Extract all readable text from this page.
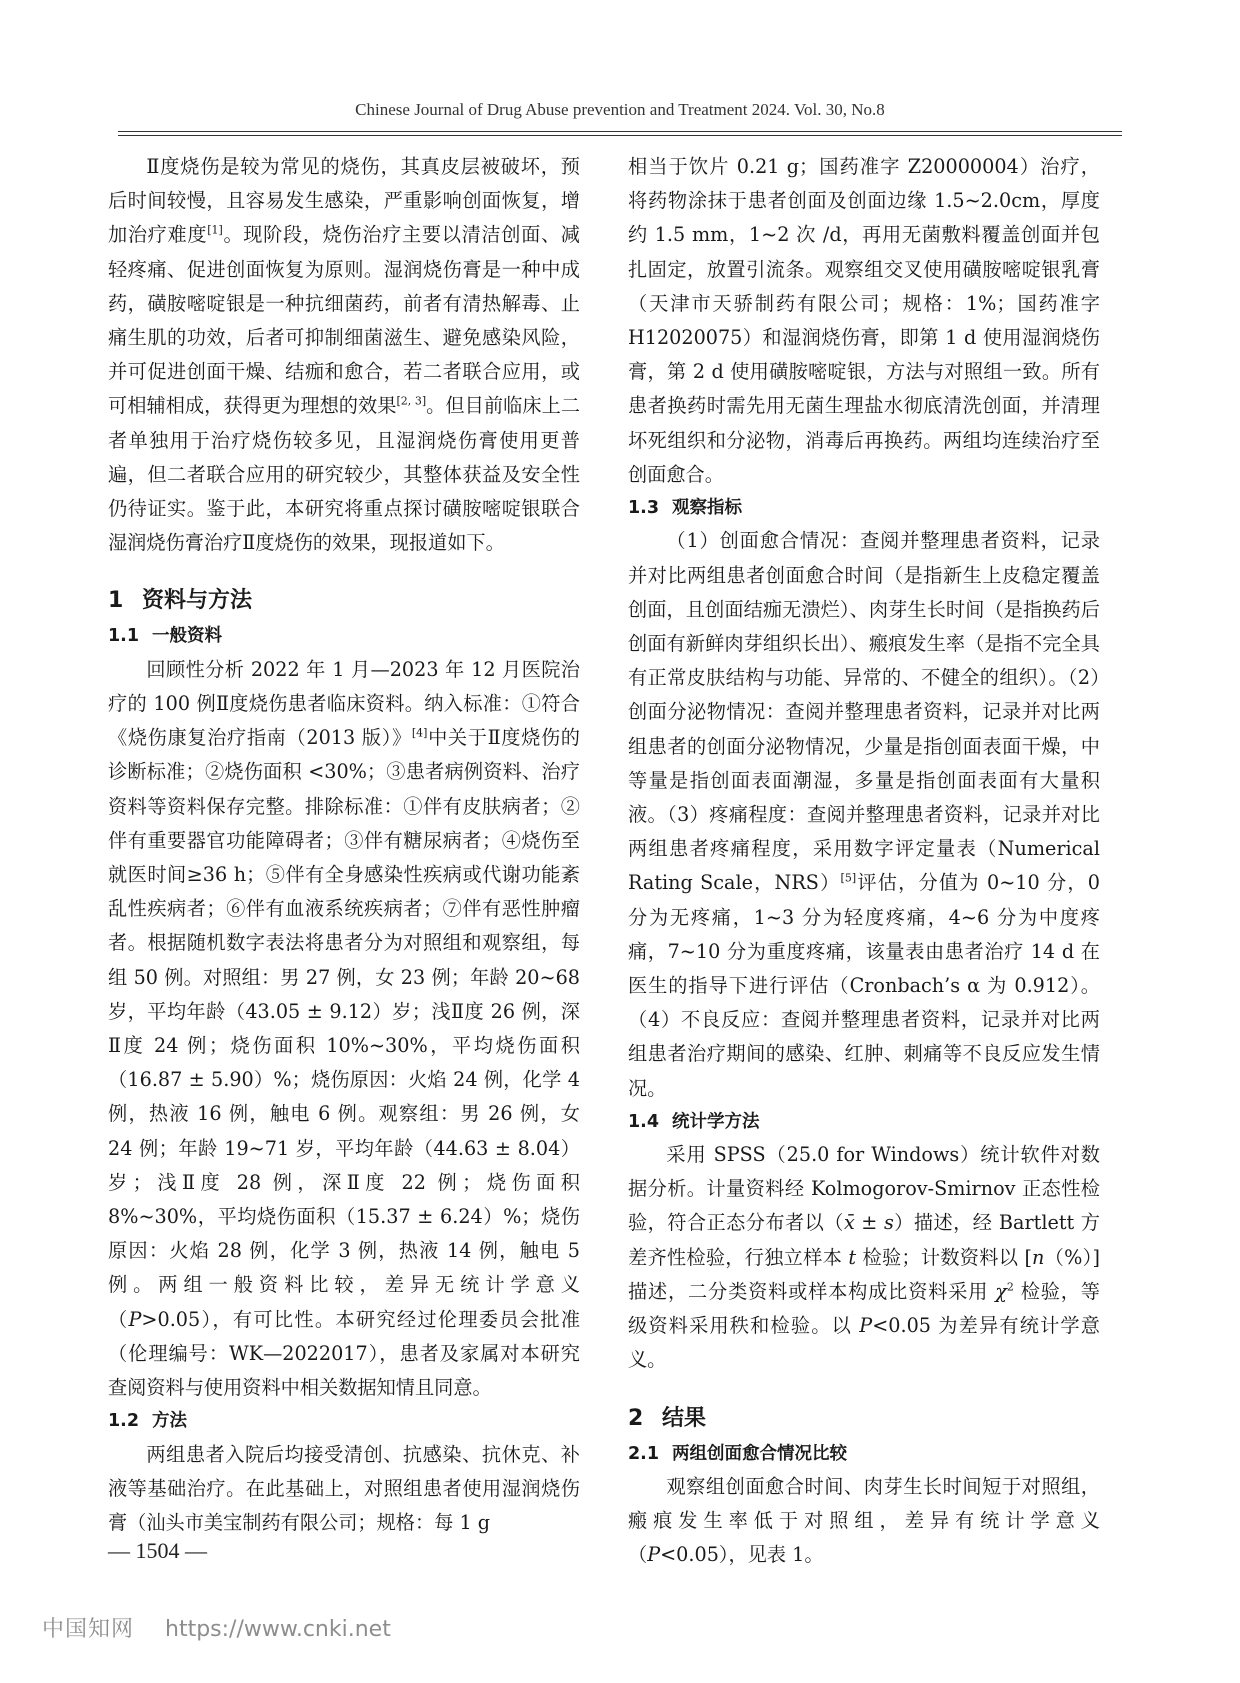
Chinese Journal of Drug Abuse prevention and Treatment 2024. Vol. 30, No.8

Ⅱ度烧伤是较为常见的烧伤，其真皮层被破坏，预后时间较慢，且容易发生感染，严重影响创面恢复，增加治疗难度[1]。现阶段，烧伤治疗主要以清洁创面、减轻疼痛、促进创面恢复为原则。湿润烧伤膏是一种中成药，磺胺嘧啶银是一种抗细菌药，前者有清热解毒、止痛生肌的功效，后者可抑制细菌滋生、避免感染风险，并可促进创面干燥、结痂和愈合，若二者联合应用，或可相辅相成，获得更为理想的效果[2, 3]。但目前临床上二者单独用于治疗烧伤较多见，且湿润烧伤膏使用更普遍，但二者联合应用的研究较少，其整体获益及安全性仍待证实。鉴于此，本研究将重点探讨磺胺嘧啶银联合湿润烧伤膏治疗Ⅱ度烧伤的效果，现报道如下。

1 资料与方法
1.1 一般资料

回顾性分析 2022 年 1 月—2023 年 12 月医院治疗的 100 例Ⅱ度烧伤患者临床资料。纳入标准：①符合《烧伤康复治疗指南（2013 版）》[4]中关于Ⅱ度烧伤的诊断标准；②烧伤面积 <30%；③患者病例资料、治疗资料等资料保存完整。排除标准：①伴有皮肤病者；②伴有重要器官功能障碍者；③伴有糖尿病者；④烧伤至就医时间≥36 h；⑤伴有全身感染性疾病或代谢功能紊乱性疾病者；⑥伴有血液系统疾病者；⑦伴有恶性肿瘤者。根据随机数字表法将患者分为对照组和观察组，每组 50 例。对照组：男 27 例，女 23 例；年龄 20~68 岁，平均年龄（43.05 ± 9.12）岁；浅Ⅱ度 26 例，深Ⅱ度 24 例；烧伤面积 10%~30%，平均烧伤面积（16.87 ± 5.90）%；烧伤原因：火焰 24 例，化学 4 例，热液 16 例，触电 6 例。观察组：男 26 例，女 24 例；年龄 19~71 岁，平均年龄（44.63 ± 8.04）岁；浅Ⅱ度 28 例，深Ⅱ度 22 例；烧伤面积 8%~30%，平均烧伤面积（15.37 ± 6.24）%；烧伤原因：火焰 28 例，化学 3 例，热液 14 例，触电 5 例。两组一般资料比较，差异无统计学意义（P>0.05），有可比性。本研究经过伦理委员会批准（伦理编号：WK—2022017），患者及家属对本研究查阅资料与使用资料中相关数据知情且同意。

1.2 方法

两组患者入院后均接受清创、抗感染、抗休克、补液等基础治疗。在此基础上，对照组患者使用湿润烧伤膏（汕头市美宝制药有限公司；规格：每 1 g

相当于饮片 0.21 g；国药准字 Z20000004）治疗，将药物涂抹于患者创面及创面边缘 1.5~2.0cm，厚度约 1.5 mm，1~2 次 /d，再用无菌敷料覆盖创面并包扎固定，放置引流条。观察组交叉使用磺胺嘧啶银乳膏（天津市天骄制药有限公司；规格：1%；国药准字 H12020075）和湿润烧伤膏，即第 1 d 使用湿润烧伤膏，第 2 d 使用磺胺嘧啶银，方法与对照组一致。所有患者换药时需先用无菌生理盐水彻底清洗创面，并清理坏死组织和分泌物，消毒后再换药。两组均连续治疗至创面愈合。

1.3 观察指标

（1）创面愈合情况：查阅并整理患者资料，记录并对比两组患者创面愈合时间（是指新生上皮稳定覆盖创面，且创面结痂无溃烂）、肉芽生长时间（是指换药后创面有新鲜肉芽组织长出）、瘢痕发生率（是指不完全具有正常皮肤结构与功能、异常的、不健全的组织）。（2）创面分泌物情况：查阅并整理患者资料，记录并对比两组患者的创面分泌物情况，少量是指创面表面干燥，中等量是指创面表面潮湿，多量是指创面表面有大量积液。（3）疼痛程度：查阅并整理患者资料，记录并对比两组患者疼痛程度，采用数字评定量表（Numerical Rating Scale，NRS）[5]评估，分值为 0~10 分，0 分为无疼痛，1~3 分为轻度疼痛，4~6 分为中度疼痛，7~10 分为重度疼痛，该量表由患者治疗 14 d 在医生的指导下进行评估（Cronbach’s α 为 0.912）。（4）不良反应：查阅并整理患者资料，记录并对比两组患者治疗期间的感染、红肿、刺痛等不良反应发生情况。

1.4 统计学方法

采用 SPSS（25.0 for Windows）统计软件对数据分析。计量资料经 Kolmogorov-Smirnov 正态性检验，符合正态分布者以（x̄ ± s）描述，经 Bartlett 方差齐性检验，行独立样本 t 检验；计数资料以 [n（%）] 描述，二分类资料或样本构成比资料采用 $\chi^2$ 检验，等级资料采用秩和检验。以 P<0.05 为差异有统计学意义。

2 结果
2.1 两组创面愈合情况比较

观察组创面愈合时间、肉芽生长时间短于对照组，瘢痕发生率低于对照组，差异有统计学意义（P<0.05），见表 1。

— 1504 —
中国知网 https://www.cnki.net
